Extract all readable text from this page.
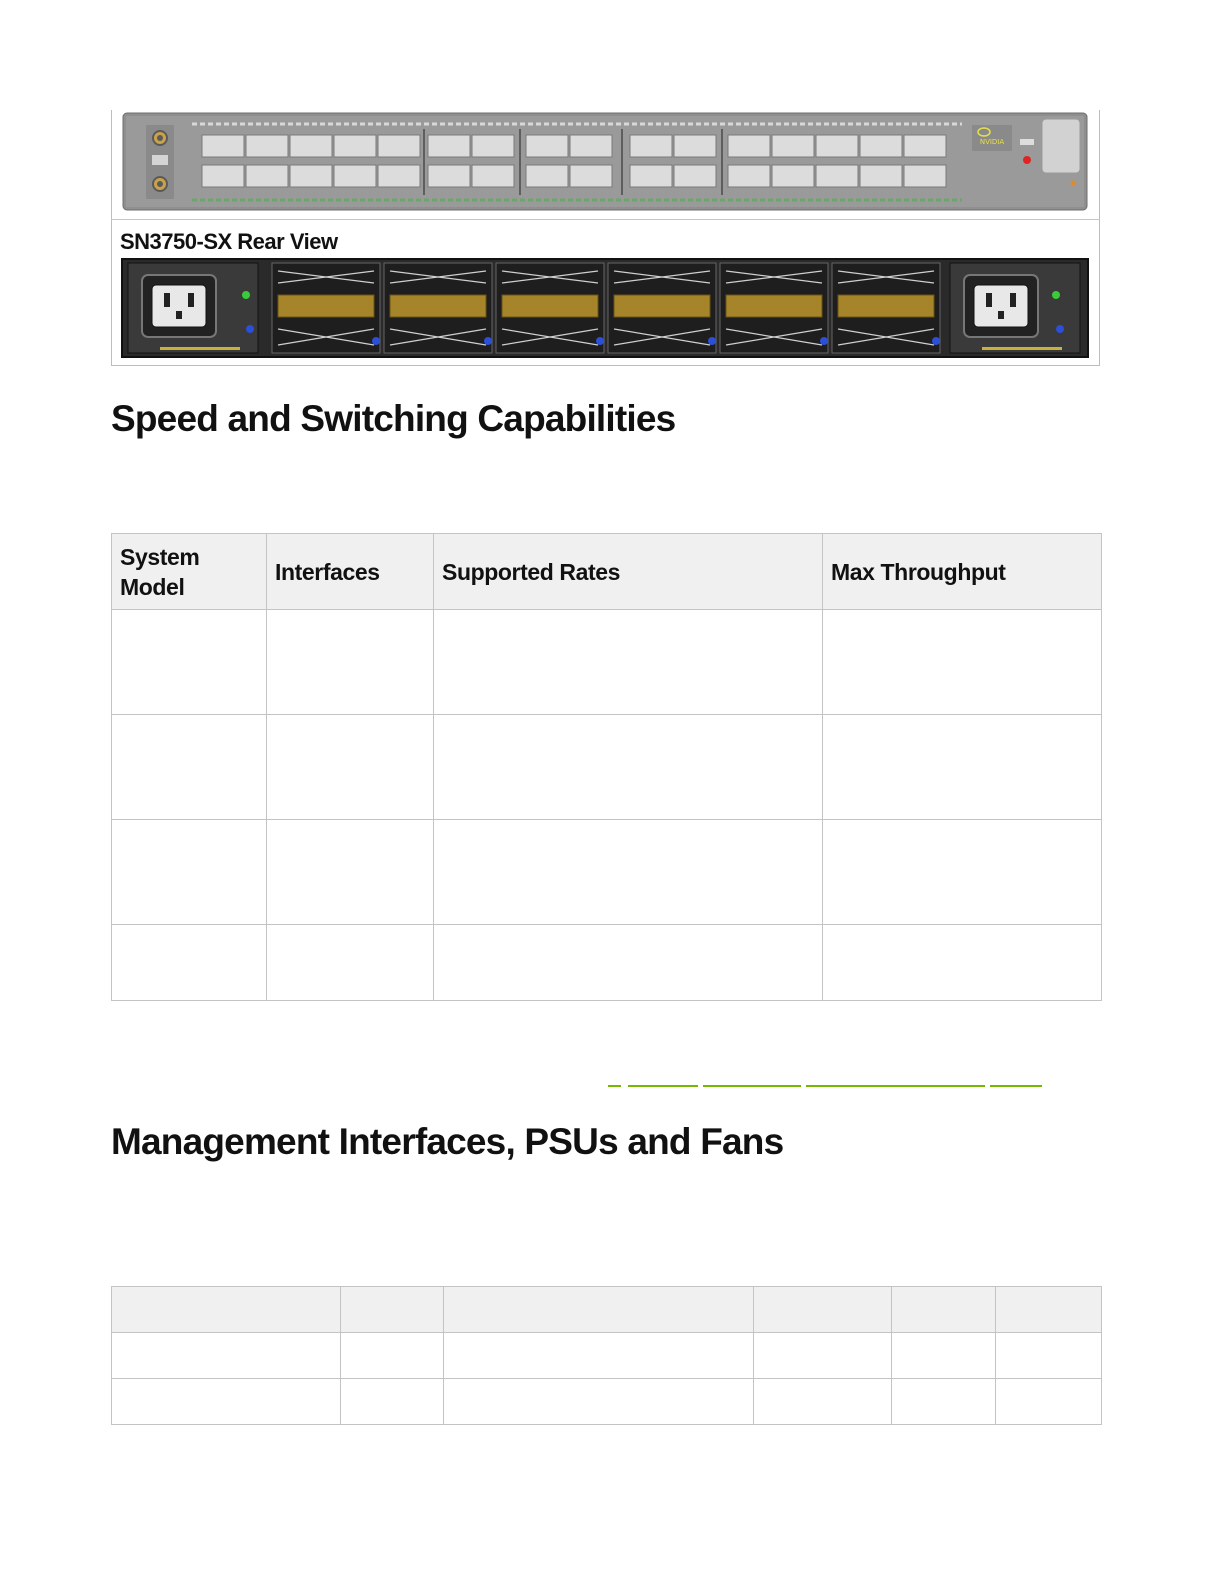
NVIDIA
SN3750-SX Rear View
Speed and Switching Capabilities
System Model	Interfaces	Supported Rates	Max Throughput

Management Interfaces, PSUs and Fans
